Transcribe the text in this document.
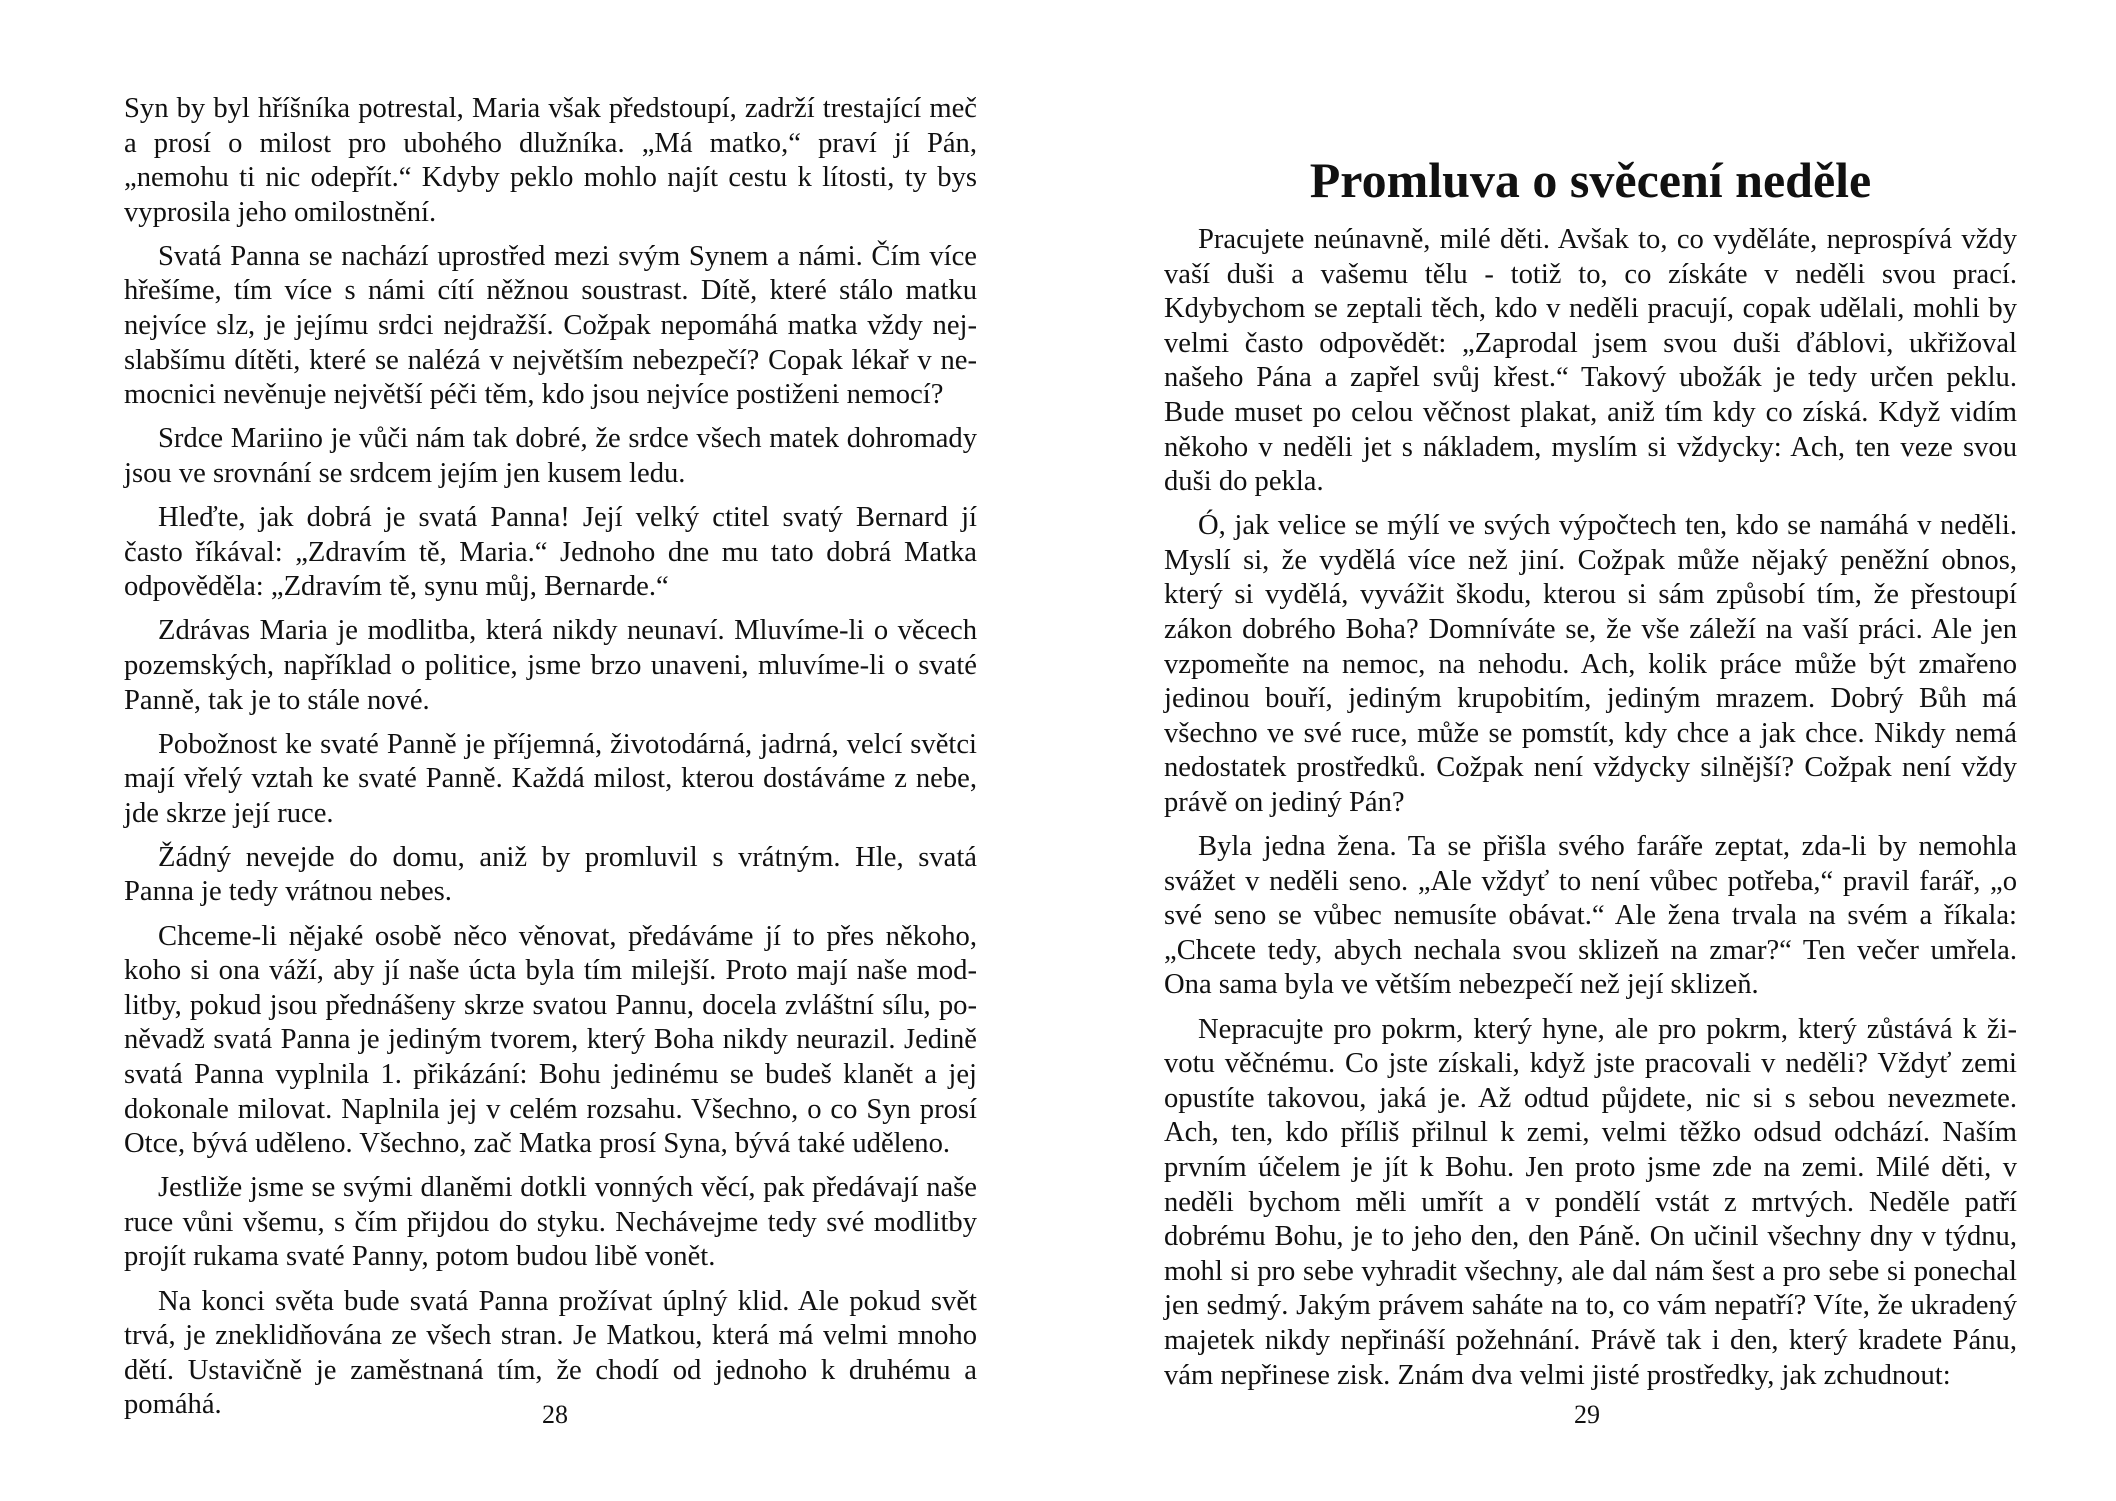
Syn by byl hříšníka potrestal, Maria však předstoupí, zadrží trestající meč a prosí o milost pro ubohého dlužníka. „Má matko,“ praví jí Pán, „nemohu ti nic odepřít.“ Kdyby peklo mohlo najít cestu k lítosti, ty bys vyprosila jeho omilostnění.

Svatá Panna se nachází uprostřed mezi svým Synem a námi. Čím více hřešíme, tím více s námi cítí něžnou soustrast. Dítě, které stálo matku nejvíce slz, je jejímu srdci nejdražší. Cožpak nepomáhá matka vždy nejslabšímu dítěti, které se nalézá v největším nebezpečí? Copak lékař v nemocnici nevěnuje největší péči těm, kdo jsou nejvíce postiženi nemocí?

Srdce Mariino je vůči nám tak dobré, že srdce všech matek dohromady jsou ve srovnání se srdcem jejím jen kusem ledu.

Hleďte, jak dobrá je svatá Panna! Její velký ctitel svatý Bernard jí často říkával: „Zdravím tě, Maria.“ Jednoho dne mu tato dobrá Matka odpověděla: „Zdravím tě, synu můj, Bernarde.“

Zdrávas Maria je modlitba, která nikdy neunaví. Mluvíme-li o věcech pozemských, například o politice, jsme brzo unaveni, mluvíme-li o svaté Panně, tak je to stále nové.

Pobožnost ke svaté Panně je příjemná, životodárná, jadrná, velcí světci mají vřelý vztah ke svaté Panně. Každá milost, kterou dostáváme z nebe, jde skrze její ruce.

Žádný nevejde do domu, aniž by promluvil s vrátným. Hle, svatá Panna je tedy vrátnou nebes.

Chceme-li nějaké osobě něco věnovat, předáváme jí to přes někoho, koho si ona váží, aby jí naše úcta byla tím milejší. Proto mají naše modlitby, pokud jsou přednášeny skrze svatou Pannu, docela zvláštní sílu, poněvadž svatá Panna je jediným tvorem, který Boha nikdy neurazil. Jedině svatá Panna vyplnila 1. přikázání: Bohu jedinému se budeš klanět a jej dokonale milovat. Naplnila jej v celém rozsahu. Všechno, o co Syn prosí Otce, bývá uděleno. Všechno, zač Matka prosí Syna, bývá také uděleno.

Jestliže jsme se svými dlaněmi dotkli vonných věcí, pak předávají naše ruce vůni všemu, s čím přijdou do styku. Nechávejme tedy své modlitby projít rukama svaté Panny, potom budou libě vonět.

Na konci světa bude svatá Panna prožívat úplný klid. Ale pokud svět trvá, je zneklidňována ze všech stran. Je Matkou, která má velmi mnoho dětí. Ustavičně je zaměstnaná tím, že chodí od jednoho k druhému a pomáhá.	28
Promluva o svěcení neděle

Pracujete neúnavně, milé děti. Avšak to, co vyděláte, neprospívá vždy vaší duši a vašemu tělu - totiž to, co získáte v neděli svou prací. Kdybychom se zeptali těch, kdo v neděli pracují, copak udělali, mohli by velmi často odpovědět: „Zaprodal jsem svou duši ďáblovi, ukřižoval našeho Pána a zapřel svůj křest.“ Takový ubožák je tedy určen peklu. Bude muset po celou věčnost plakat, aniž tím kdy co získá. Když vidím někoho v neděli jet s nákladem, myslím si vždycky: Ach, ten veze svou duši do pekla.

Ó, jak velice se mýlí ve svých výpočtech ten, kdo se namáhá v neděli. Myslí si, že vydělá více než jiní. Cožpak může nějaký peněžní obnos, který si vydělá, vyvážit škodu, kterou si sám způsobí tím, že přestoupí zákon dobrého Boha? Domníváte se, že vše záleží na vaší práci. Ale jen vzpomeňte na nemoc, na nehodu. Ach, kolik práce může být zmařeno jedinou bouří, jediným krupobitím, jediným mrazem. Dobrý Bůh má všechno ve své ruce, může se pomstít, kdy chce a jak chce. Nikdy nemá nedostatek prostředků. Cožpak není vždycky silnější? Cožpak není vždy právě on jediný Pán?

Byla jedna žena. Ta se přišla svého faráře zeptat, zda-li by nemohla svážet v neděli seno. „Ale vždyť to není vůbec potřeba,“ pravil farář, „o své seno se vůbec nemusíte obávat.“ Ale žena trvala na svém a říkala: „Chcete tedy, abych nechala svou sklizeň na zmar?“ Ten večer umřela. Ona sama byla ve větším nebezpečí než její sklizeň.

Nepracujte pro pokrm, který hyne, ale pro pokrm, který zůstává k životu věčnému. Co jste získali, když jste pracovali v neděli? Vždyť zemi opustíte takovou, jaká je. Až odtud půjdete, nic si s sebou nevezmete. Ach, ten, kdo příliš přilnul k zemi, velmi těžko odsud odchází. Naším prvním účelem je jít k Bohu. Jen proto jsme zde na zemi. Milé děti, v neděli bychom měli umřít a v pondělí vstát z mrtvých. Neděle patří dobrému Bohu, je to jeho den, den Páně. On učinil všechny dny v týdnu, mohl si pro sebe vyhradit všechny, ale dal nám šest a pro sebe si ponechal jen sedmý. Jakým právem saháte na to, co vám nepatří? Víte, že ukradený majetek nikdy nepřináší požehnání. Právě tak i den, který kradete Pánu, vám nepřinese zisk. Znám dva velmi jisté prostředky, jak zchudnout:

29
